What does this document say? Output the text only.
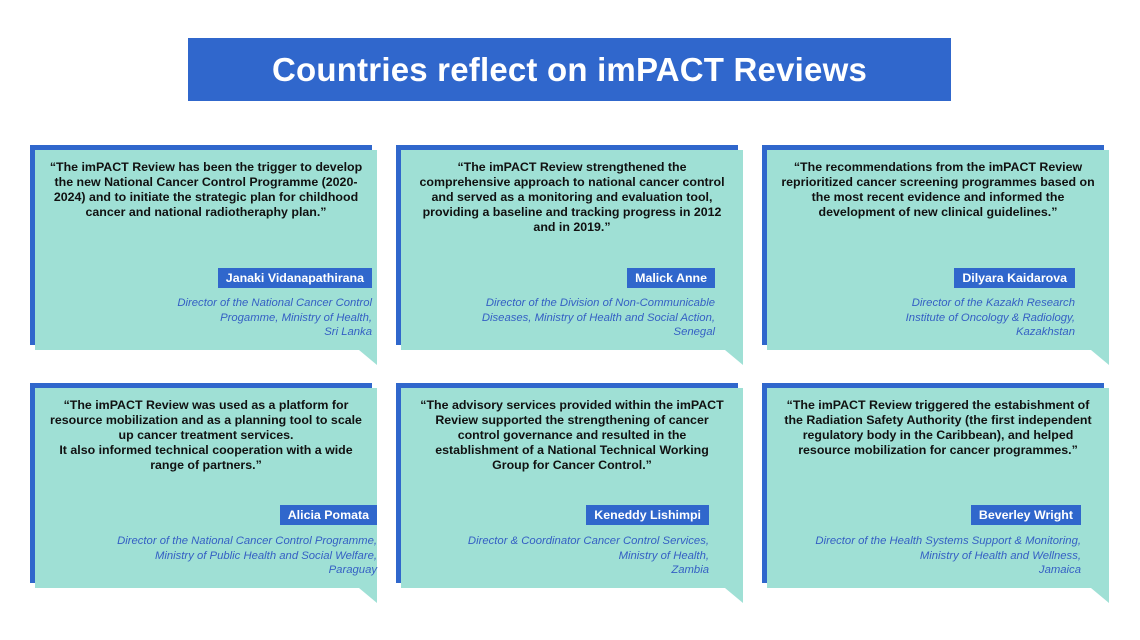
Countries reflect on imPACT Reviews
“The imPACT Review has been the trigger to develop the new National Cancer Control Programme (2020-2024) and to initiate the strategic plan for childhood cancer and national radiotheraphy plan.”
Janaki Vidanapathirana
Director of the National Cancer Control
Progamme, Ministry of Health,
Sri Lanka
“The imPACT Review strengthened the comprehensive approach to national cancer control and served as a monitoring and evaluation tool, providing a baseline and tracking progress in 2012 and in 2019.”
Malick Anne
Director of the Division of Non-Communicable
Diseases, Ministry of Health and Social Action,
Senegal
“The recommendations from the imPACT Review reprioritized cancer screening programmes based on the most recent evidence and informed the development of new clinical guidelines.”
Dilyara Kaidarova
Director of the Kazakh Research
Institute of Oncology & Radiology,
Kazakhstan
“The imPACT Review was used as a platform for resource mobilization and as a planning tool to scale up cancer treatment services.
It also informed technical cooperation with a wide range of partners.”
Alicia Pomata
Director of the National Cancer Control Programme,
Ministry of Public Health and Social Welfare,
Paraguay
“The advisory services provided within the imPACT Review supported the strengthening of cancer control governance and resulted in the establishment of a National Technical Working Group for Cancer Control.”
Keneddy Lishimpi
Director & Coordinator Cancer Control Services,
Ministry of Health,
Zambia
“The imPACT Review triggered the estabishment of the Radiation Safety Authority (the first independent regulatory body in the Caribbean), and helped resource mobilization for cancer programmes.”
Beverley Wright
Director of the Health Systems Support & Monitoring,
Ministry of Health and Wellness,
Jamaica
